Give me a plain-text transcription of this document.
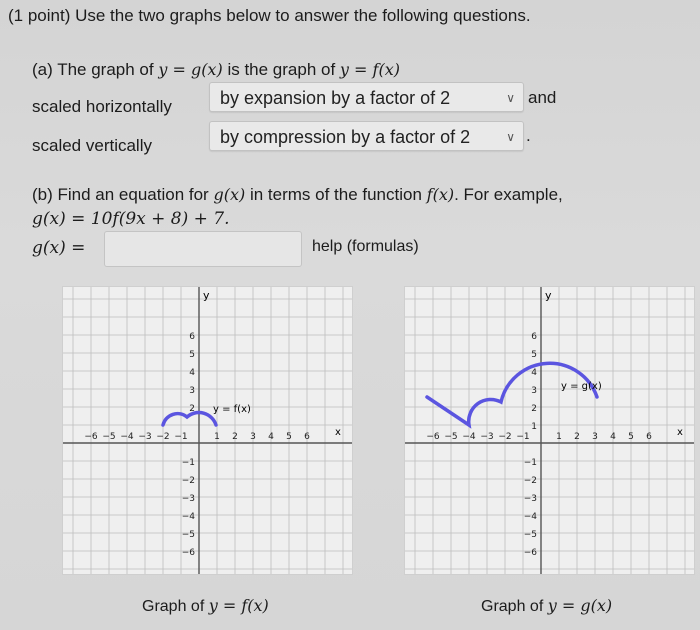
(1 point) Use the two graphs below to answer the following questions.
(a) The graph of y = g(x) is the graph of y = f(x)
scaled horizontally	by expansion by a factor of 2	∨ and
scaled vertically	by compression by a factor of 2	∨ .
(b) Find an equation for g(x) in terms of the function f(x). For example,
g(x) = 10f(9x + 8) + 7.
g(x) =	help (formulas)
−6 −5 −4 −3 −2 −1	1 2 3 4 5 6
6
5
4
3
2
−1
−2
−3
−4
−5
−6
x
y
y = f(x)
Graph of y = f(x)
−6 −5 −4 −3 −2 −1	1 2 3 4 5 6
6
5
4
3
2
1
−1
−2
−3
−4
−5
−6
x
y
y = g(x)
Graph of y = g(x)
